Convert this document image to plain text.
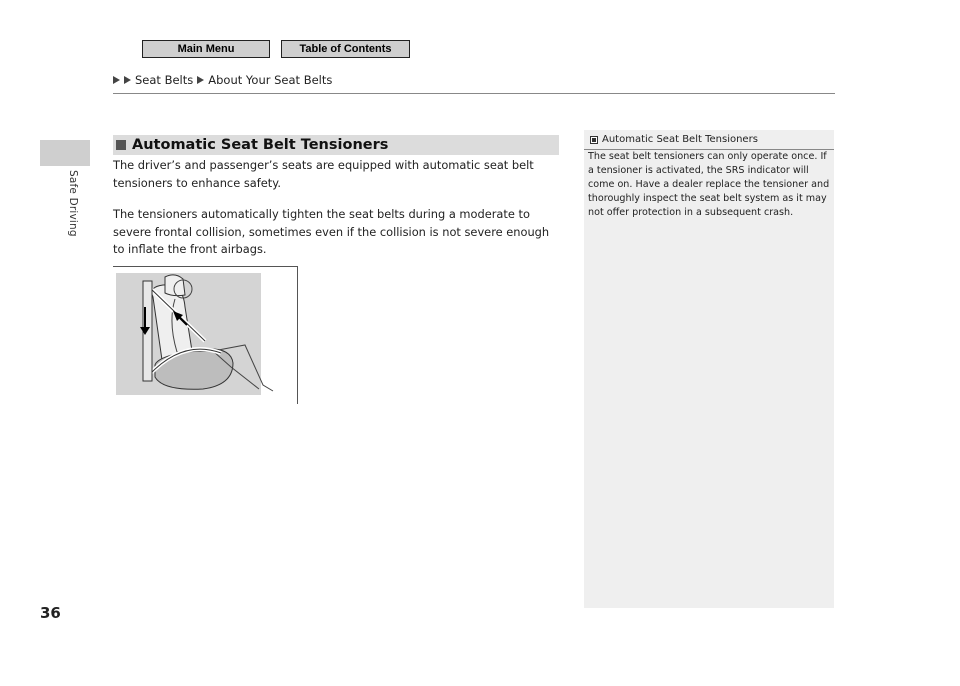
Main Menu	Table of Contents
Seat Belts About Your Seat Belts
Safe Driving
36
Automatic Seat Belt Tensioners

The driver’s and passenger’s seats are equipped with automatic seat belt tensioners to enhance safety.

The tensioners automatically tighten the seat belts during a moderate to severe frontal collision, sometimes even if the collision is not severe enough to inflate the front airbags.

Automatic Seat Belt Tensioners

The seat belt tensioners can only operate once. If a tensioner is activated, the SRS indicator will come on. Have a dealer replace the tensioner and thoroughly inspect the seat belt system as it may not offer protection in a subsequent crash.
